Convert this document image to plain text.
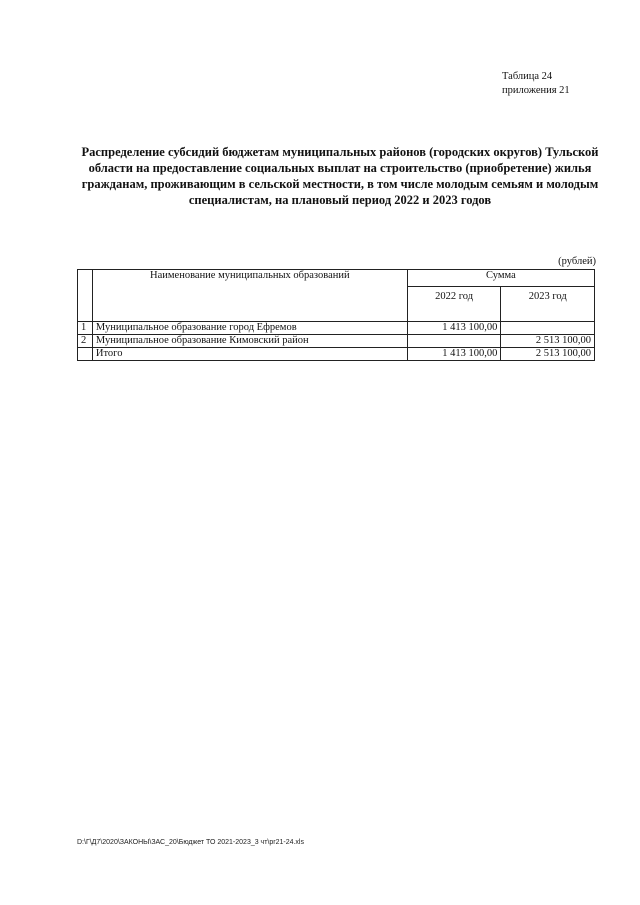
Таблица 24
приложения 21
Распределение субсидий бюджетам муниципальных районов (городских округов) Тульской области на предоставление социальных выплат на строительство (приобретение) жилья гражданам, проживающим в сельской местности, в том числе молодым семьям и молодым специалистам, на плановый период 2022 и 2023 годов
(рублей)
	Наименование муниципальных образований	Сумма	
		2022 год	2023 год
1	Муниципальное образование город Ефремов	1 413 100,00	
2	Муниципальное образование Кимовский район		2 513 100,00
	Итого	1 413 100,00	2 513 100,00
D:\Г\Д7\2020\ЗАКОНЫ\ЗАС_20\Бюджет ТО 2021-2023_3 чт\pr21-24.xls
